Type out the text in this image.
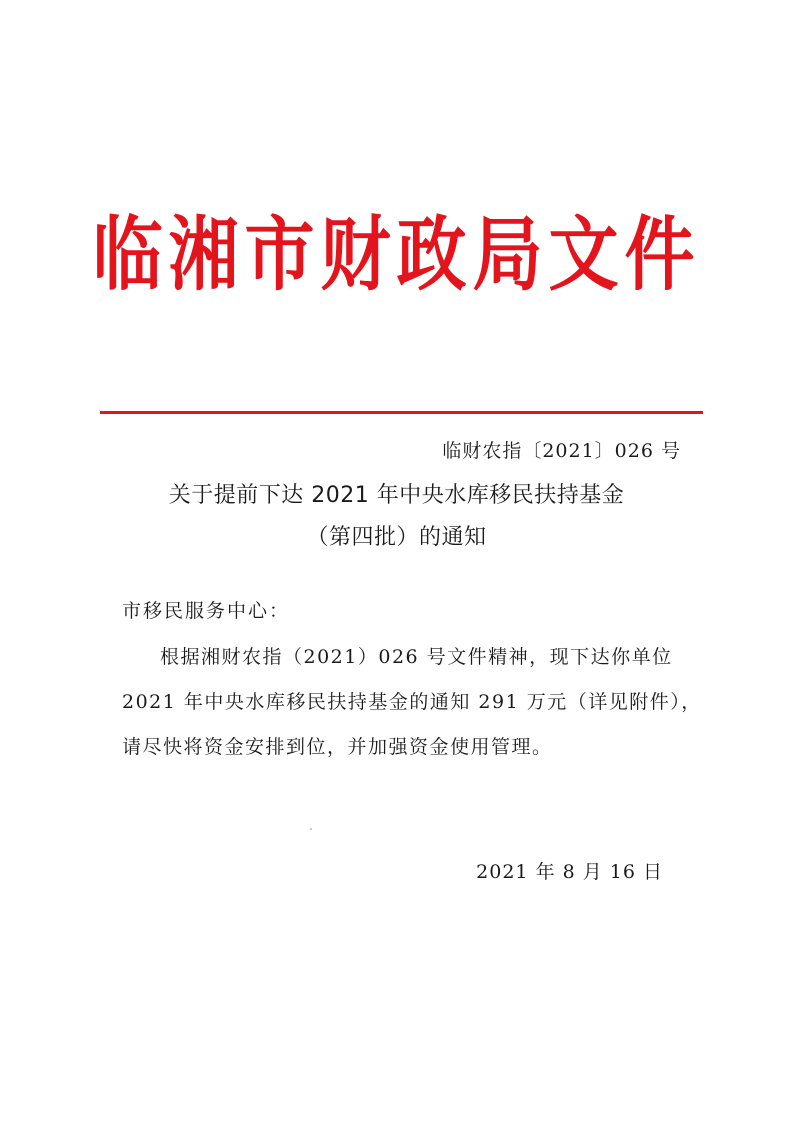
临湘市财政局文件
临财农指〔2021〕026 号
关于提前下达 2021 年中央水库移民扶持基金
（第四批）的通知
市移民服务中心：
根据湘财农指（2021）026 号文件精神，现下达你单位
2021 年中央水库移民扶持基金的通知 291 万元（详见附件），
请尽快将资金安排到位，并加强资金使用管理。
2021 年 8 月 16 日
